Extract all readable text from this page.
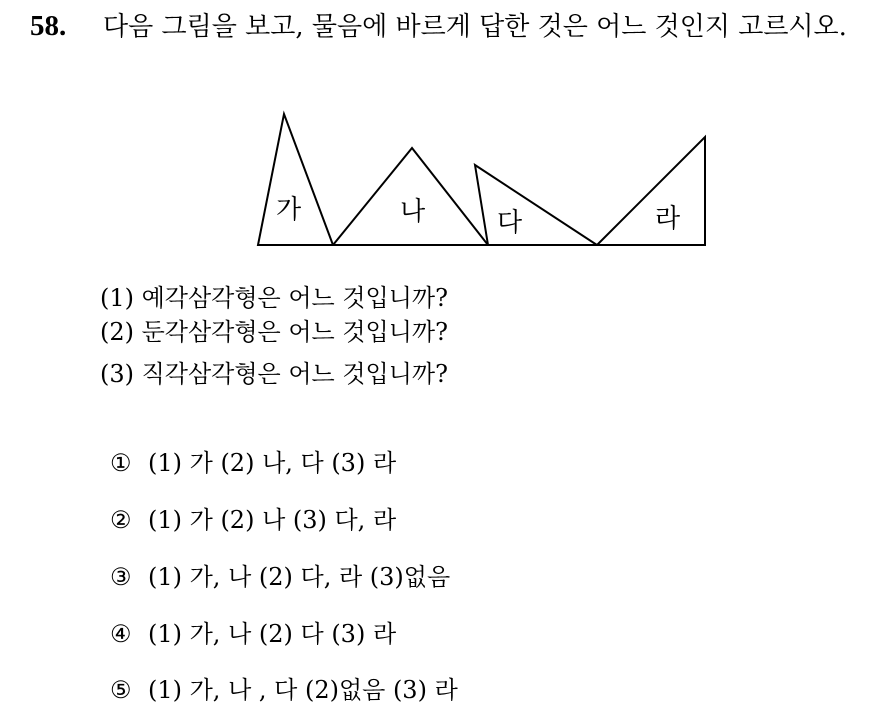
58. 다음 그림을 보고, 물음에 바르게 답한 것은 어느 것인지 고르시오.
가	나	다	라
(1) 예각삼각형은 어느 것입니까?
(2) 둔각삼각형은 어느 것입니까?
(3) 직각삼각형은 어느 것입니까?
① (1) 가 (2) 나, 다 (3) 라
② (1) 가 (2) 나 (3) 다, 라
③ (1) 가, 나 (2) 다, 라 (3)없음
④ (1) 가, 나 (2) 다 (3) 라
⑤ (1) 가, 나 , 다 (2)없음 (3) 라
